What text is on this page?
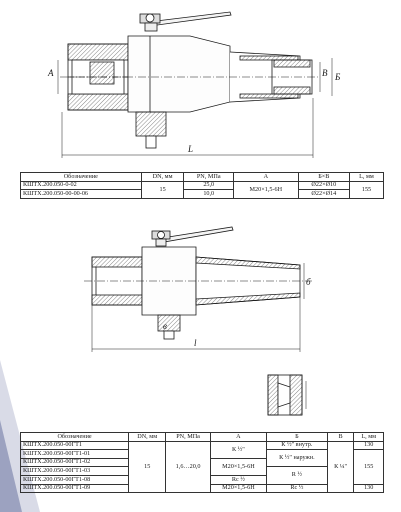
A	В Б
L
Обозначение	DN, мм	PN, МПа	А	Б×В	L, мм
КШТХ.200.050-0-02	15	25,0	М20×1,5-6Н	Ø22×Ø10	155
КШТХ.200.050-00-00-06		10,0		Ø22×Ø14	
б
в
l
Обозначение	DN, мм	PN, МПа	А	Б	В	L, мм
КШТХ.200.050-00ГТ1	15	1,6…20,0	К ½"	К ½" внутр.	К ¼"	130
КШТХ.200.050-00ГТ1-01				К ½" наружн.		155
КШТХ.200.050-00ГТ1-02			М20×1,5-6Н			
КШТХ.200.050-00ГТ1-03				R ½		
КШТХ.200.050-00ГТ1-08			Rc ½			
КШТХ.200.050-00ГТ1-09			М20×1,5-6Н	Rc ½		130
